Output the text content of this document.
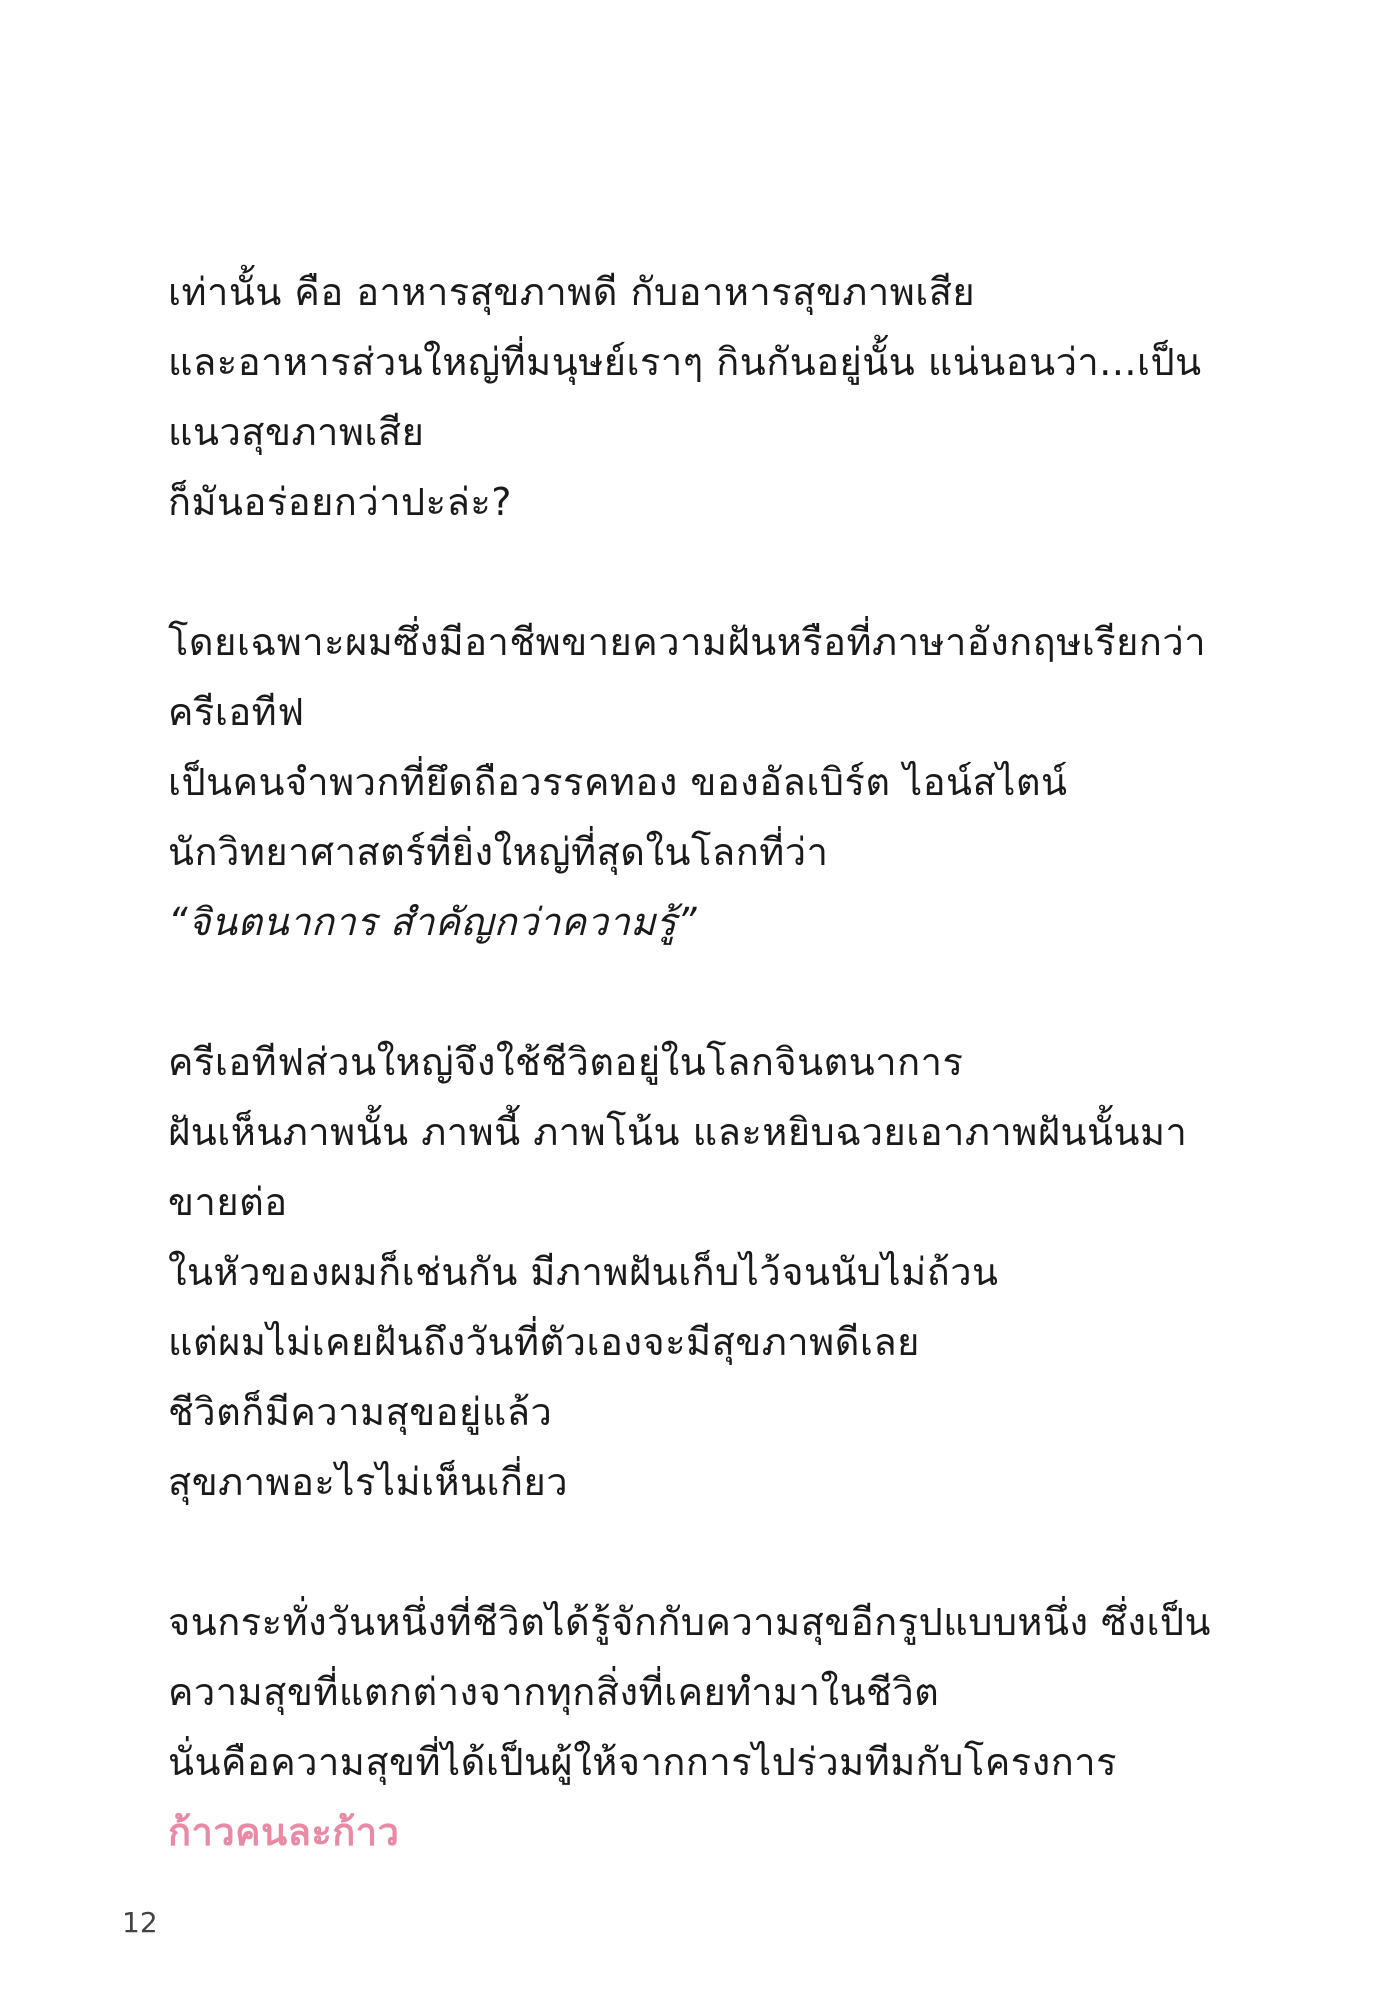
เท่านั้น คือ อาหารสุขภาพดี กับอาหารสุขภาพเสีย
และอาหารส่วนใหญ่ที่มนุษย์เราๆ กินกันอยู่นั้น แน่นอนว่า...เป็น
แนวสุขภาพเสีย
ก็มันอร่อยกว่าปะล่ะ?
โดยเฉพาะผมซึ่งมีอาชีพขายความฝันหรือที่ภาษาอังกฤษเรียกว่า
ครีเอทีฟ
เป็นคนจำพวกที่ยึดถือวรรคทอง ของอัลเบิร์ต ไอน์สไตน์
นักวิทยาศาสตร์ที่ยิ่งใหญ่ที่สุดในโลกที่ว่า
“จินตนาการ สำคัญกว่าความรู้”
ครีเอทีฟส่วนใหญ่จึงใช้ชีวิตอยู่ในโลกจินตนาการ
ฝันเห็นภาพนั้น ภาพนี้ ภาพโน้น และหยิบฉวยเอาภาพฝันนั้นมา
ขายต่อ
ในหัวของผมก็เช่นกัน มีภาพฝันเก็บไว้จนนับไม่ถ้วน
แต่ผมไม่เคยฝันถึงวันที่ตัวเองจะมีสุขภาพดีเลย
ชีวิตก็มีความสุขอยู่แล้ว
สุขภาพอะไรไม่เห็นเกี่ยว
จนกระทั่งวันหนึ่งที่ชีวิตได้รู้จักกับความสุขอีกรูปแบบหนึ่ง ซึ่งเป็น
ความสุขที่แตกต่างจากทุกสิ่งที่เคยทำมาในชีวิต
นั่นคือความสุขที่ได้เป็นผู้ให้จากการไปร่วมทีมกับโครงการ
ก้าวคนละก้าว
12
